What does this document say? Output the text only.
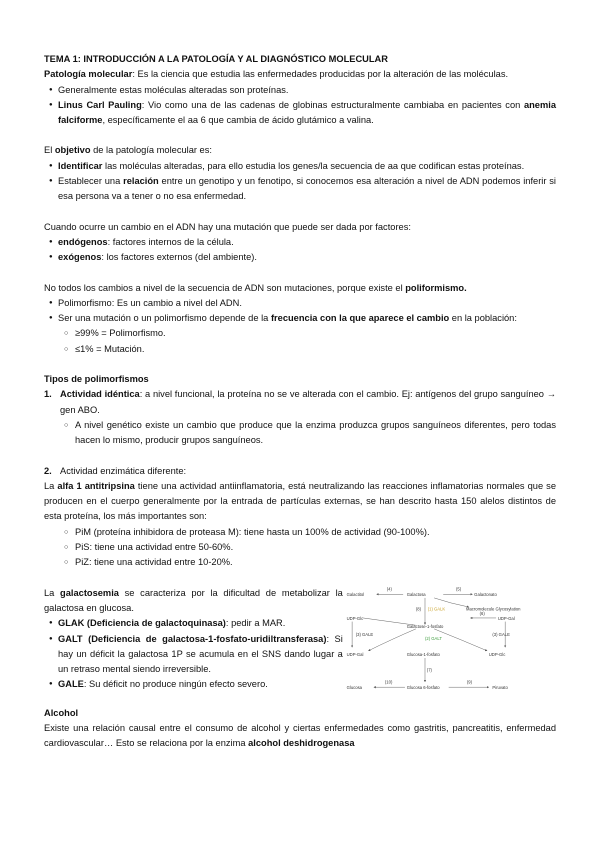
TEMA 1: INTRODUCCIÓN A LA PATOLOGÍA Y AL DIAGNÓSTICO MOLECULAR

Patología molecular: Es la ciencia que estudia las enfermedades producidas por la alteración de las moléculas.

● Generalmente estas moléculas alteradas son proteínas.
● Linus Carl Pauling: Vio como una de las cadenas de globinas estructuralmente cambiaba en pacientes con anemia falciforme, específicamente el aa 6 que cambia de ácido glutámico a valina.

El objetivo de la patología molecular es:

● Identificar las moléculas alteradas, para ello estudia los genes/la secuencia de aa que codifican estas proteínas.
● Establecer una relación entre un genotipo y un fenotipo, si conocemos esa alteración a nivel de ADN podemos inferir si esa persona va a tener o no esa enfermedad.

Cuando ocurre un cambio en el ADN hay una mutación que puede ser dada por factores:

● endógenos: factores internos de la célula.
● exógenos: los factores externos (del ambiente).

No todos los cambios a nivel de la secuencia de ADN son mutaciones, porque existe el poliformismo.

● Polimorfismo: Es un cambio a nivel del ADN.
● Ser una mutación o un polimorfismo depende de la frecuencia con la que aparece el cambio en la población:
○ ≥99% = Polimorfismo.
○ ≤1% = Mutación.

Tipos de polimorfismos

1. Actividad idéntica: a nivel funcional, la proteína no se ve alterada con el cambio. Ej: antígenos del grupo sanguíneo → gen ABO.
○ A nivel genético existe un cambio que produce que la enzima produzca grupos sanguíneos diferentes, pero todas hacen lo mismo, producir grupos sanguíneos.
2. Actividad enzimática diferente:

La alfa 1 antitripsina tiene una actividad antiinflamatoria, está neutralizando las reacciones inflamatorias normales que se producen en el cuerpo generalmente por la entrada de partículas externas, se han descrito hasta 150 alelos distintos de esta proteína, los más importantes son:

○ PiM (proteína inhibidora de proteasa M): tiene hasta un 100% de actividad (90-100%).
○ PiS: tiene una actividad entre 50-60%.
○ PiZ: tiene una actividad entre 10-20%.

La galactosemia se caracteriza por la dificultad de metabolizar la galactosa en glucosa.

● GLAK (Deficiencia de galactoquinasa): pedir a MAR.
● GALT (Deficiencia de galactosa-1-fosfato-uridiltransferasa): Si hay un déficit la galactosa 1P se acumula en el SNS dando lugar a un retraso mental siendo irreversible.
● GALE: Su déficit no produce ningún efecto severo.
Galactitol	Galactosa	Galactonato
(4)	(5)
(8) (1) GALK	Macromolecule Glycosylation
(6)
UDP-Glc	UDP-Gal
Galactose-1-fosfato
(3) GALE
(2) GALT
(3) GALE
UDP-Gal	Glucosa-1-fosfato	UDP-Glc
(7)
Glucosa	Glucosa 6-fosfato	Piruvato
(10)	(9)

Alcohol

Existe una relación causal entre el consumo de alcohol y ciertas enfermedades como gastritis, pancreatitis, enfermedad cardiovascular… Esto se relaciona por la enzima alcohol deshidrogenasa
